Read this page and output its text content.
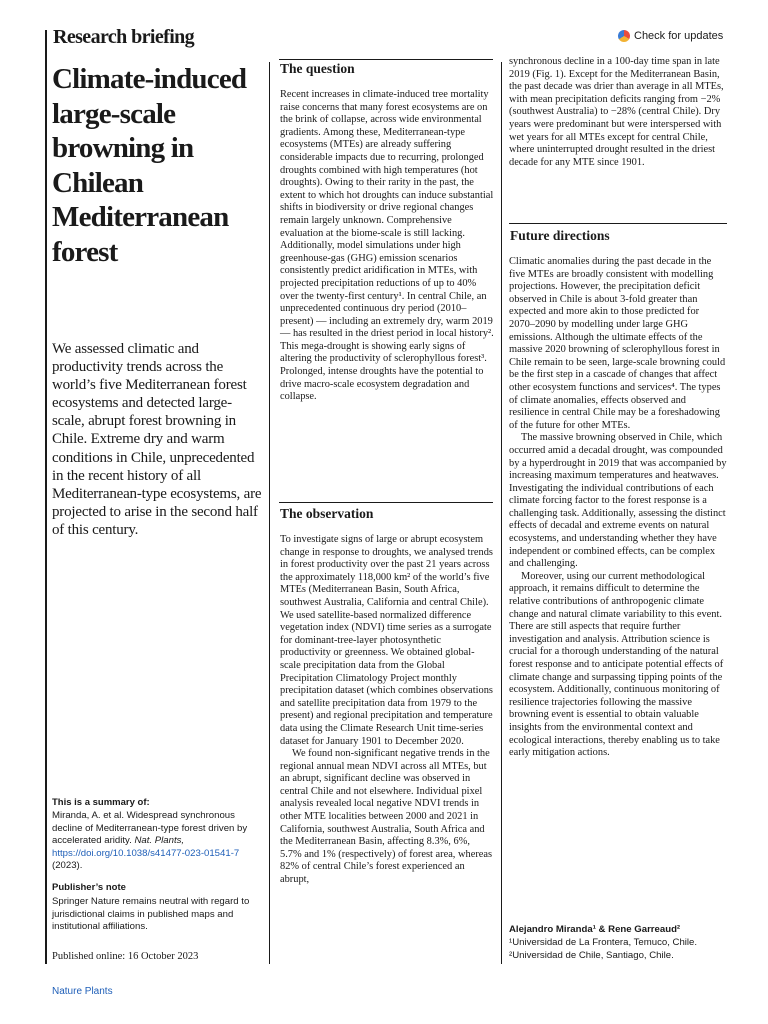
Research briefing	Check for updates
Climate-induced large-scale browning in Chilean Mediterranean forest
We assessed climatic and productivity trends across the world’s five Mediterranean forest ecosystems and detected large-scale, abrupt forest browning in Chile. Extreme dry and warm conditions in Chile, unprecedented in the recent history of all Mediterranean-type ecosystems, are projected to arise in the second half of this century.
This is a summary of:
Miranda, A. et al. Widespread synchronous decline of Mediterranean-type forest driven by accelerated aridity. Nat. Plants, https://doi.org/10.1038/s41477-023-01541-7 (2023).
Publisher’s note
Springer Nature remains neutral with regard to jurisdictional claims in published maps and institutional affiliations.
Published online: 16 October 2023
Nature Plants
The question

Recent increases in climate-induced tree mortality raise concerns that many forest ecosystems are on the brink of collapse, across wide environmental gradients. Among these, Mediterranean-type ecosystems (MTEs) are already suffering considerable impacts due to recurring, prolonged droughts combined with high temperatures (hot droughts). Owing to their rarity in the past, the extent to which hot droughts can induce substantial shifts in biodiversity or drive regional changes remain largely unknown. Comprehensive evaluation at the biome-scale is still lacking. Additionally, model simulations under high greenhouse-gas (GHG) emission scenarios consistently predict aridification in MTEs, with projected precipitation reductions of up to 40% over the twenty-first century¹. In central Chile, an unprecedented continuous dry period (2010–present) — including an extremely dry, warm 2019 — has resulted in the driest period in local history². This mega-drought is showing early signs of altering the productivity of sclerophyllous forest³. Prolonged, intense droughts have the potential to drive macro-scale ecosystem degradation and collapse.

The observation

To investigate signs of large or abrupt ecosystem change in response to droughts, we analysed trends in forest productivity over the past 21 years across the approximately 118,000 km² of the world’s five MTEs (Mediterranean Basin, South Africa, southwest Australia, California and central Chile). We used satellite-based normalized difference vegetation index (NDVI) time series as a surrogate for dominant-tree-layer photosynthetic productivity or greenness. We obtained global-scale precipitation data from the Global Precipitation Climatology Project monthly precipitation dataset (which combines observations and satellite precipitation data from 1979 to the present) and regional precipitation and temperature data using the Climate Research Unit time-series dataset for January 1901 to December 2020.

We found non-significant negative trends in the regional annual mean NDVI across all MTEs, but an abrupt, significant decline was observed in central Chile and not elsewhere. Individual pixel analysis revealed local negative NDVI trends in other MTE localities between 2000 and 2021 in California, southwest Australia, South Africa and the Mediterranean Basin, affecting 8.3%, 6%, 5.7% and 1% (respectively) of forest area, whereas 82% of central Chile’s forest experienced an abrupt,

synchronous decline in a 100-day time span in late 2019 (Fig. 1). Except for the Mediterranean Basin, the past decade was drier than average in all MTEs, with mean precipitation deficits ranging from −2% (southwest Australia) to −28% (central Chile). Dry years were predominant but were interspersed with wet years for all MTEs except for central Chile, where uninterrupted drought resulted in the driest decade for any MTE since 1901.

Future directions

Climatic anomalies during the past decade in the five MTEs are broadly consistent with modelling projections. However, the precipitation deficit observed in Chile is about 3-fold greater than expected and more akin to those predicted for 2070–2090 by modelling under large GHG emissions. Although the ultimate effects of the massive 2020 browning of sclerophyllous forest in Chile remain to be seen, large-scale browning could be the first step in a cascade of changes that affect other ecosystem functions and services⁴. The types of climate anomalies, effects observed and resilience in central Chile may be a foreshadowing of the future for other MTEs.

The massive browning observed in Chile, which occurred amid a decadal drought, was compounded by a hyperdrought in 2019 that was accompanied by increasing maximum temperatures and heatwaves. Investigating the individual contributions of each climate forcing factor to the forest response is a challenging task. Additionally, assessing the distinct effects of decadal and extreme events on natural ecosystems, and understanding whether they have independent or combined effects, can be complex and challenging.

Moreover, using our current methodological approach, it remains difficult to determine the relative contributions of anthropogenic climate change and natural climate variability to this event. There are still aspects that require further investigation and analysis. Attribution science is crucial for a thorough understanding of the natural forest response and to anticipate potential effects of climate change and surpassing tipping points of the ecosystem. Additionally, continuous monitoring of resilience trajectories following the massive browning event is essential to obtain valuable insights from the environmental context and ecological interactions, thereby enabling us to take early mitigation actions.

Alejandro Miranda¹ & Rene Garreaud²
¹Universidad de La Frontera, Temuco, Chile.
²Universidad de Chile, Santiago, Chile.
